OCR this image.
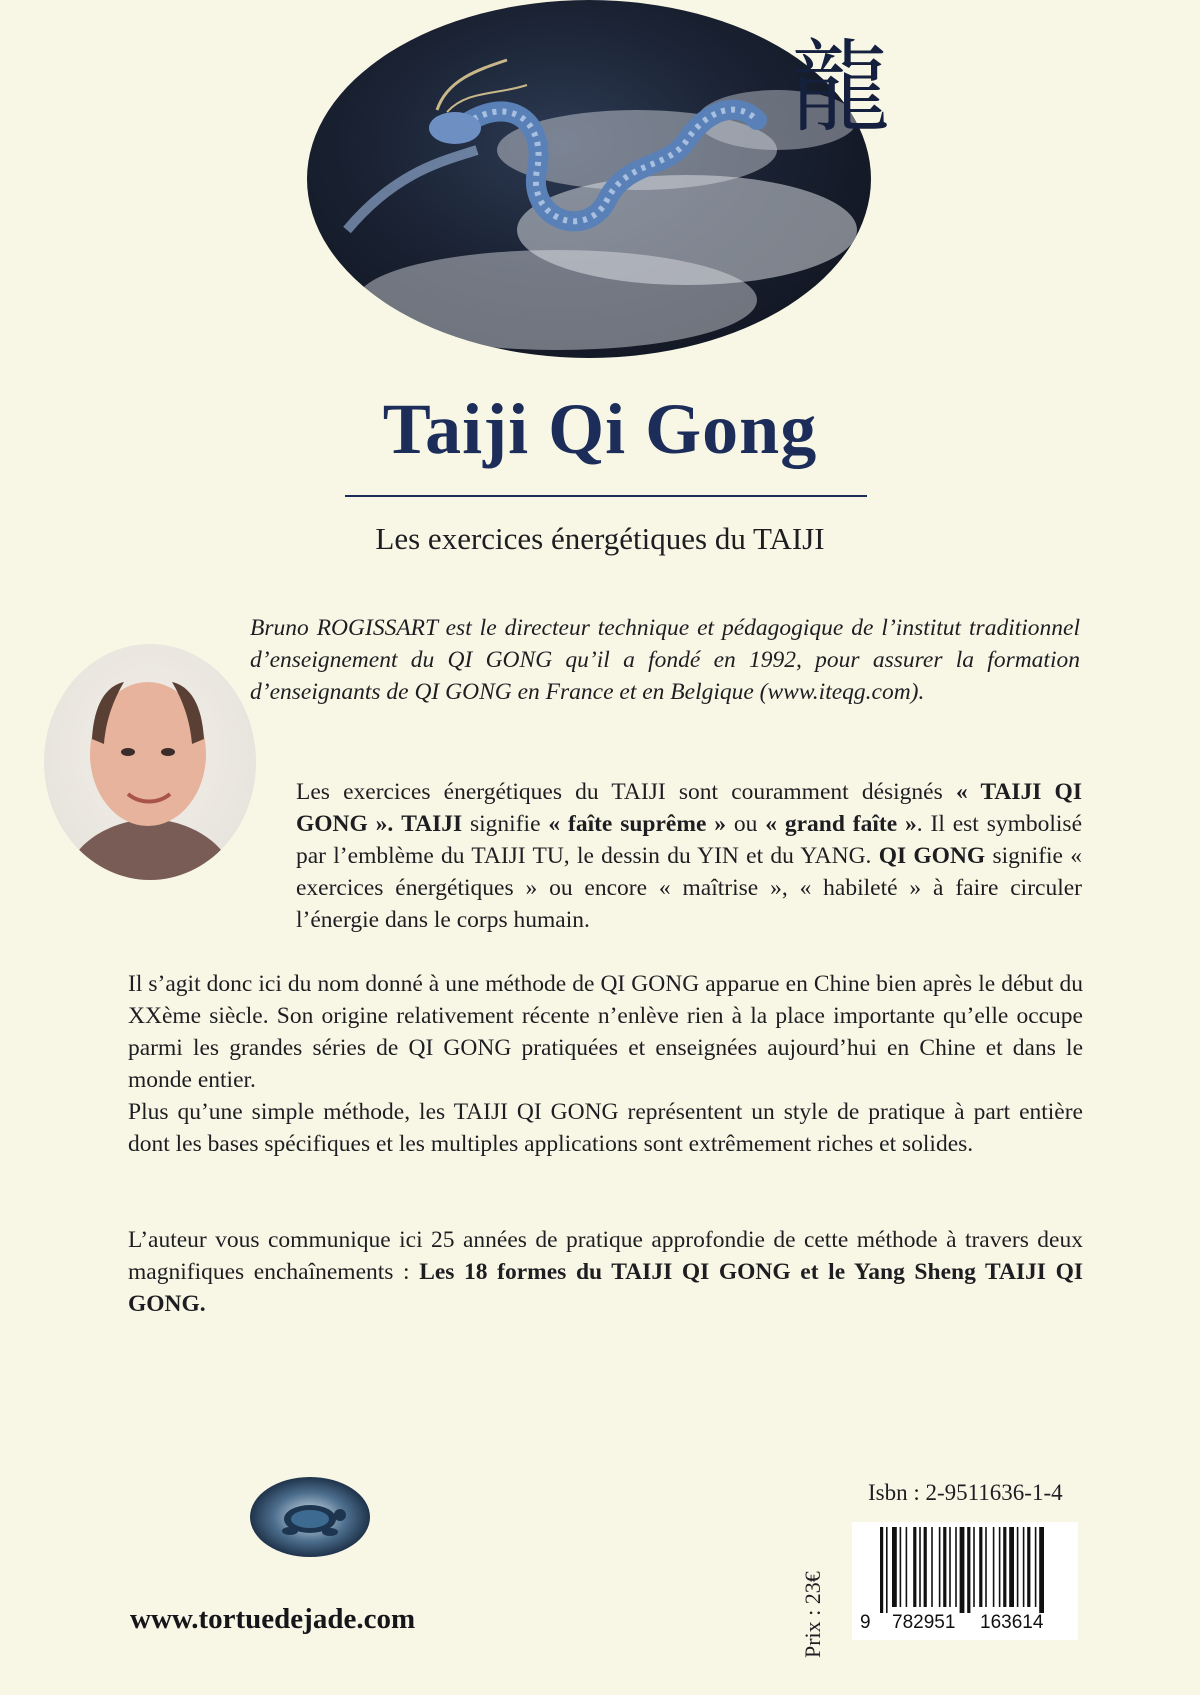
龍
Taiji Qi Gong
Les exercices énergétiques du TAIJI
Bruno ROGISSART est le directeur technique et pédagogique de l’institut traditionnel d’enseignement du QI GONG qu’il a fondé en 1992, pour assurer la formation d’enseignants de QI GONG en France et en Belgique (www.iteqg.com).
Les exercices énergétiques du TAIJI sont couramment désignés « TAIJI QI GONG ». TAIJI signifie « faîte suprême » ou « grand faîte ». Il est symbolisé par l’emblème du TAIJI TU, le dessin du YIN et du YANG. QI GONG signifie « exercices énergétiques » ou encore « maîtrise », « habileté » à faire circuler l’énergie dans le corps humain.
Il s’agit donc ici du nom donné à une méthode de QI GONG apparue en Chine bien après le début du XXème siècle. Son origine relativement récente n’enlève rien à la place importante qu’elle occupe parmi les grandes séries de QI GONG pratiquées et enseignées aujourd’hui en Chine et dans le monde entier.
Plus qu’une simple méthode, les TAIJI QI GONG représentent un style de pratique à part entière dont les bases spécifiques et les multiples applications sont extrêmement riches et solides.
L’auteur vous communique ici 25 années de pratique approfondie de cette méthode à travers deux magnifiques enchaînements : Les 18 formes du TAIJI QI GONG et le Yang Sheng TAIJI QI GONG.
www.tortuedejade.com
Isbn : 2-9511636-1-4
Prix : 23€ 9 782951 163614
